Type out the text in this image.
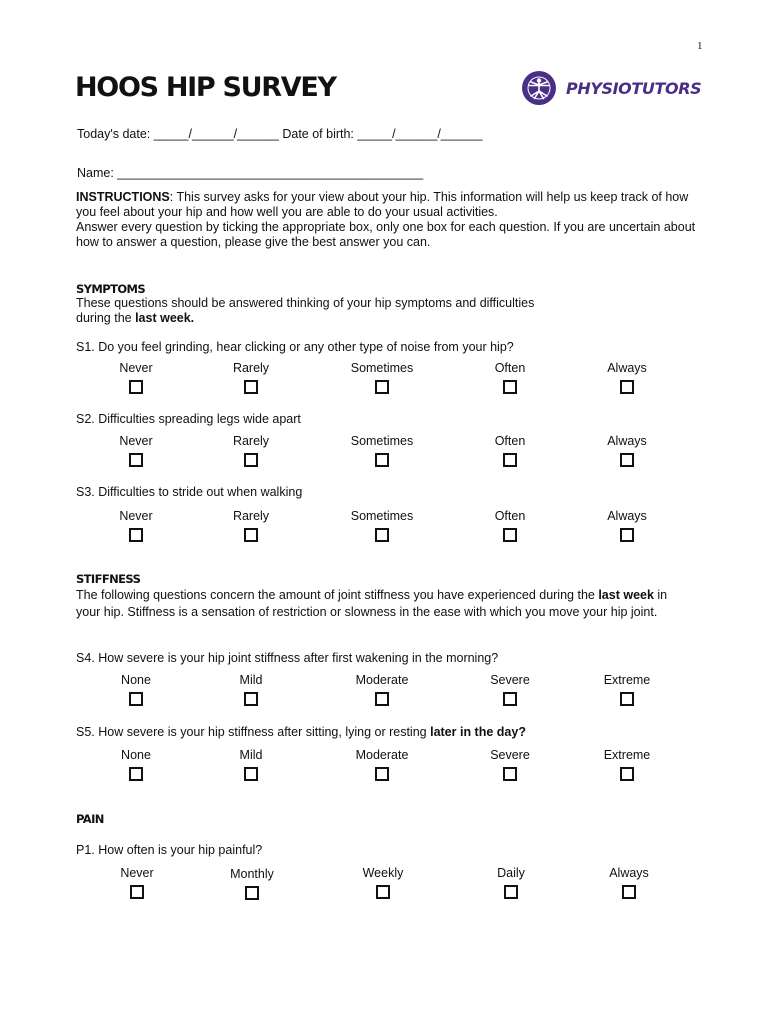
1
HOOS HIP SURVEY	PHYSIOTUTORS
Today's date: _____/______/______ Date of birth: _____/______/______
Name: ____________________________________________

INSTRUCTIONS: This survey asks for your view about your hip. This information will help us keep track of how you feel about your hip and how well you are able to do your usual activities.

Answer every question by ticking the appropriate box, only one box for each question. If you are uncertain about how to answer a question, please give the best answer you can.

SYMPTOMS

These questions should be answered thinking of your hip symptoms and difficulties
during the last week.

S1. Do you feel grinding, hear clicking or any other type of noise from your hip?
Never	Rarely	Sometimes	Often	Always
S2. Difficulties spreading legs wide apart
Never	Rarely	Sometimes	Often	Always
S3. Difficulties to stride out when walking
Never	Rarely	Sometimes	Often	Always
STIFFNESS

The following questions concern the amount of joint stiffness you have experienced during the last week in your hip. Stiffness is a sensation of restriction or slowness in the ease with which you move your hip joint.

S4. How severe is your hip joint stiffness after first wakening in the morning?
None	Mild	Moderate	Severe	Extreme
S5. How severe is your hip stiffness after sitting, lying or resting later in the day?
None	Mild	Moderate	Severe	Extreme
PAIN
P1. How often is your hip painful?
Never	Monthly	Weekly	Daily	Always
